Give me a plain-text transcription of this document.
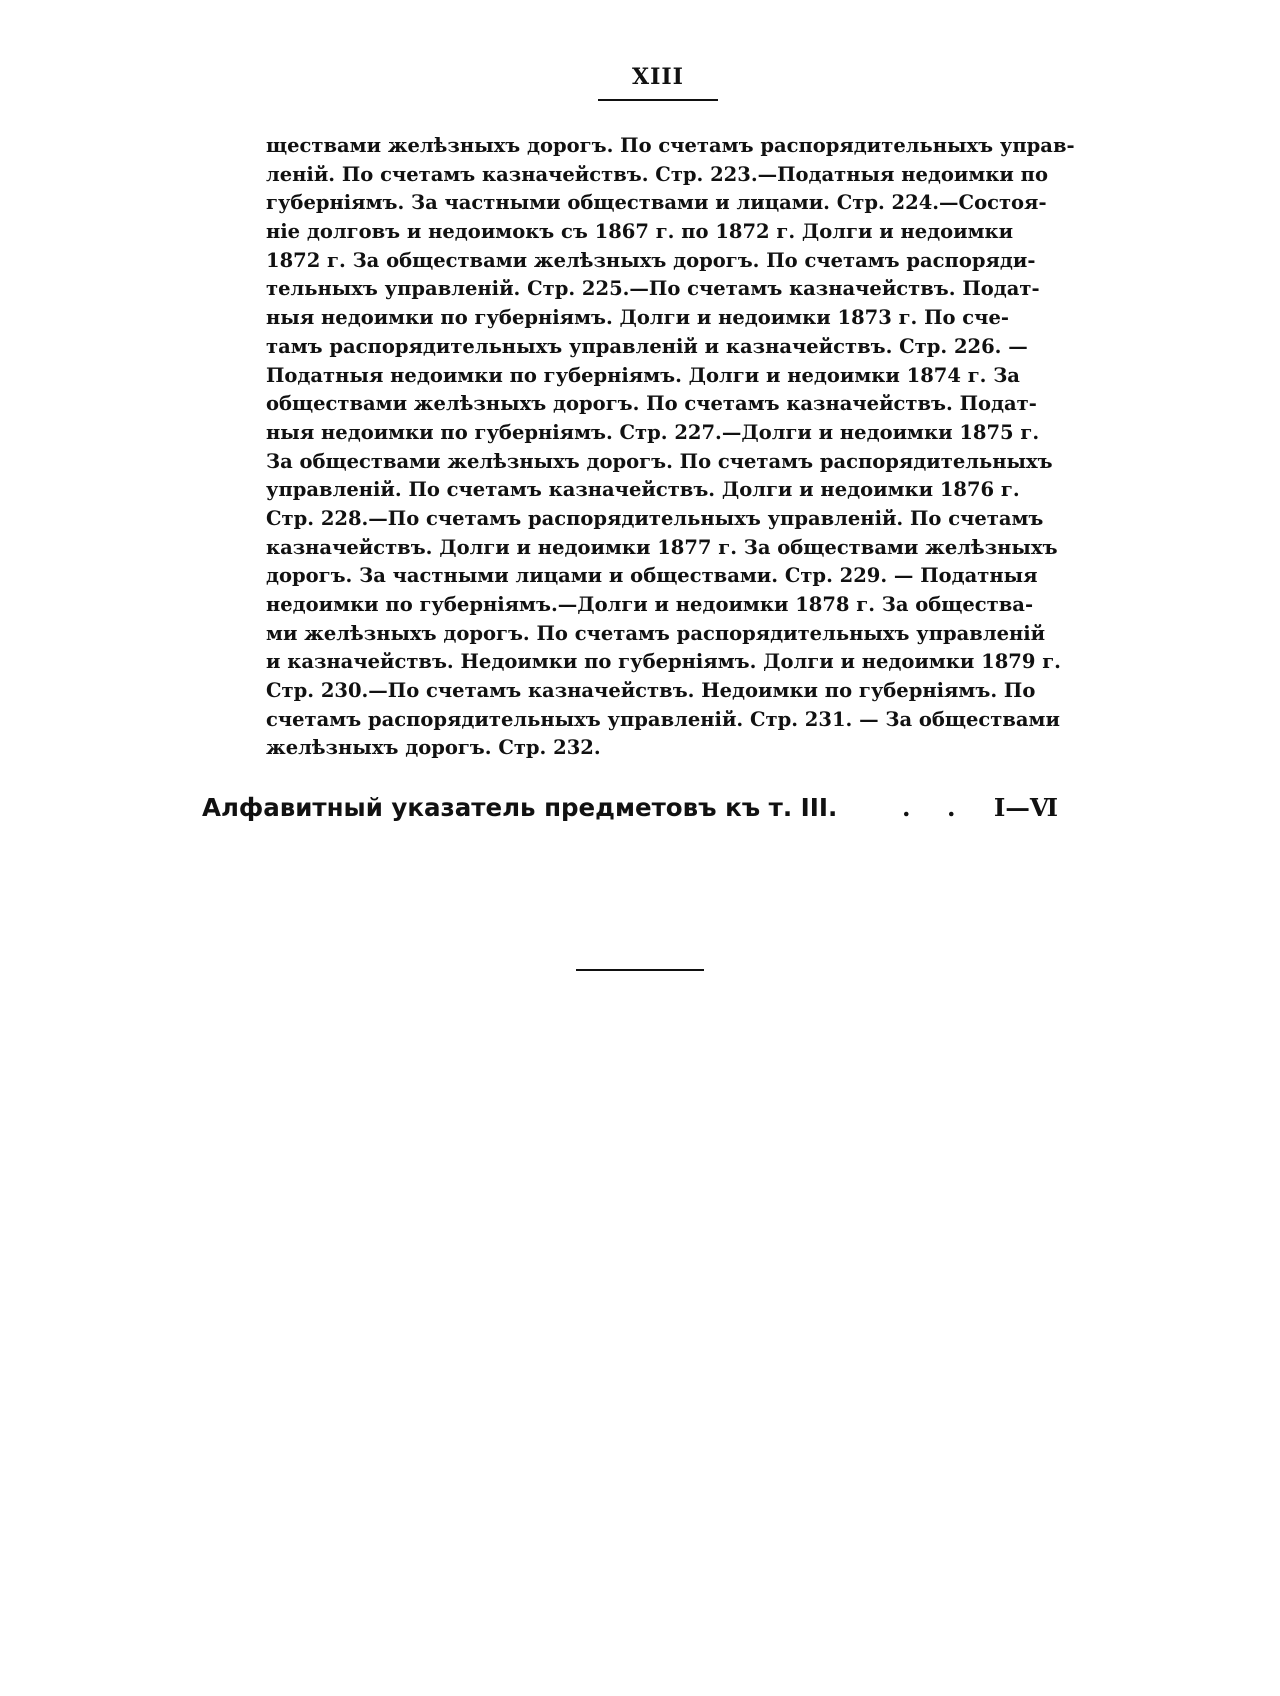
XIII
ществами желѣзныхъ дорогъ. По счетамъ распорядительныхъ управ-
леній. По счетамъ казначействъ. Стр. 223.—Податныя недоимки по
губерніямъ. За частными обществами и лицами. Стр. 224.—Состоя-
ніе долговъ и недоимокъ съ 1867 г. по 1872 г. Долги и недоимки
1872 г. За обществами желѣзныхъ дорогъ. По счетамъ распоряди-
тельныхъ управленій. Стр. 225.—По счетамъ казначействъ. Подат-
ныя недоимки по губерніямъ. Долги и недоимки 1873 г. По сче-
тамъ распорядительныхъ управленій и казначействъ. Стр. 226. —
Податныя недоимки по губерніямъ. Долги и недоимки 1874 г. За
обществами желѣзныхъ дорогъ. По счетамъ казначействъ. Подат-
ныя недоимки по губерніямъ. Стр. 227.—Долги и недоимки 1875 г.
За обществами желѣзныхъ дорогъ. По счетамъ распорядительныхъ
управленій. По счетамъ казначействъ. Долги и недоимки 1876 г.
Стр. 228.—По счетамъ распорядительныхъ управленій. По счетамъ
казначействъ. Долги и недоимки 1877 г. За обществами желѣзныхъ
дорогъ. За частными лицами и обществами. Стр. 229. — Податныя
недоимки по губерніямъ.—Долги и недоимки 1878 г. За общества-
ми желѣзныхъ дорогъ. По счетамъ распорядительныхъ управленій
и казначействъ. Недоимки по губерніямъ. Долги и недоимки 1879 г.
Стр. 230.—По счетамъ казначействъ. Недоимки по губерніямъ. По
счетамъ распорядительныхъ управленій. Стр. 231. — За обществами
желѣзныхъ дорогъ. Стр. 232.
Алфавитный указатель предметовъ къ т. III.	. . I—Ⅵ
